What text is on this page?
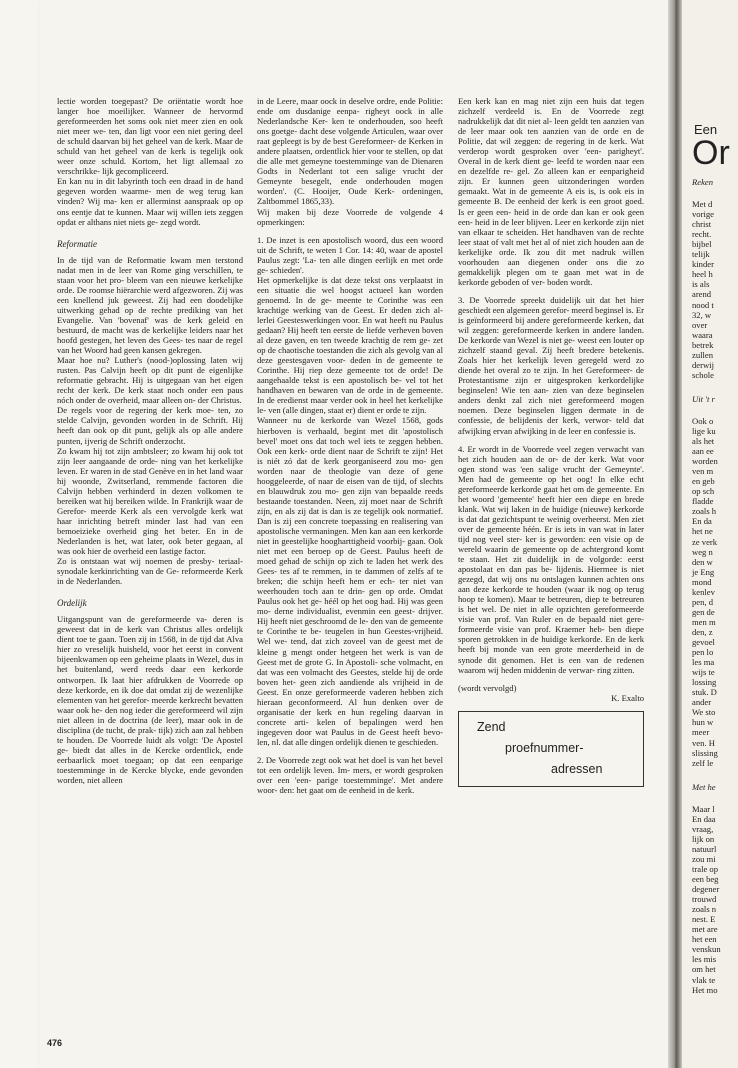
lectie worden toegepast? De oriëntatie wordt hoe langer hoe moeilijker. Wanneer de hervormd gereformeerden het soms ook niet meer zien en ook niet meer we- ten, dan ligt voor een niet gering deel de schuld daarvan bij het geheel van de kerk. Maar de schuld van het geheel van de kerk is tegelijk ook weer onze schuld. Kortom, het ligt allemaal zo verschrikke- lijk gecompliceerd.

En kan nu in dit labyrinth toch een draad in de hand gegeven worden waarme- men de weg terug kan vinden? Wij ma- ken er allerminst aanspraak op op ons eentje dat te kunnen. Maar wij willen iets zeggen opdat er althans niet niets ge- zegd wordt.

Reformatie

In de tijd van de Reformatie kwam men terstond nadat men in de leer van Rome ging verschillen, te staan voor het pro- bleem van een nieuwe kerkelijke orde. De roomse hiërarchie werd afgezworen. Zij was een knellend juk geweest. Zij had een doodelijke uitwerking gehad op de rechte prediking van het Evangelie. Van 'bovenaf' was de kerk geleid en bestuurd, de macht was de kerkelijke leiders naar het hoofd gestegen, het leven des Gees- tes naar de regel van het Woord had geen kansen gekregen.

Maar hoe nu? Luther's (nood-)oplossing laten wij rusten. Pas Calvijn heeft op dit punt de eigenlijke reformatie gebracht. Hij is uitgegaan van het eigen recht der kerk. De kerk staat noch onder een paus nóch onder de overheid, maar alleen on- der Christus.

De regels voor de regering der kerk moe- ten, zo stelde Calvijn, gevonden worden in de Schrift. Hij heeft dan ook op dit punt, gelijk als op alle andere punten, ijverig de Schrift onderzocht.

Zo kwam hij tot zijn ambtsleer; zo kwam hij ook tot zijn leer aangaande de orde- ning van het kerkelijke leven. Er waren in de stad Genève en in het land waar hij woonde, Zwitserland, remmende factoren die Calvijn hebben verhinderd in dezen volkomen te bereiken wat hij bereiken wilde. In Frankrijk waar de Gerefor- meerde Kerk als een vervolgde kerk wat haar inrichting betreft minder last had van een bemoeizieke overheid ging het beter. En in de Nederlanden is het, wat later, ook beter gegaan, al was ook hier de overheid een lastige factor.

Zo is ontstaan wat wij noemen de presby- teriaal-synodale kerkinrichting van de Ge- reformeerde Kerk in de Nederlanden.

Ordelijk

Uitgangspunt van de gereformeerde va- deren is geweest dat in de kerk van Christus alles ordelijk dient toe te gaan. Toen zij in 1568, in de tijd dat Alva hier zo vreselijk huisheld, voor het eerst in convent bijeenkwamen op een geheime plaats in Wezel, dus in het buitenland, werd reeds daar een kerkorde ontworpen. Ik laat hier afdrukken de Voorrede op deze kerkorde, en ik doe dat omdat zij de wezenlijke elementen van het gerefor- meerde kerkrecht bevatten waar ook he- den nog ieder die gereformeerd wil zijn niet alleen in de doctrina (de leer), maar ook in de disciplina (de tucht, de prak- tijk) zich aan zal hebben te houden. De Voorrede luidt als volgt: 'De Apostel ge- biedt dat alles in de Kercke ordentlick, ende eerbaarlick moet toegaan; op dat een eenparige toestemminge in de Kercke blycke, ende gevonden worden, niet alleen

in de Leere, maar oock in deselve ordre, ende Politie: ende om dusdanige eenpa- righeyt oock in alle Nederlandsche Ker- ken te onderhouden, soo heeft ons goetge- dacht dese volgende Articulen, waar over raat gepleegt is by de best Gereformeer- de Kerken in andere plaatsen, ordentlick hier voor te stellen, op dat die alle met gemeyne toestemminge van de Dienaren Godts in Nederlant tot een salige vrucht der Gemeynte besegelt, ende onderhouden mogen worden'. (C. Hooijer, Oude Kerk- ordeningen, Zaltbommel 1865,33).

Wij maken bij deze Voorrede de volgende 4 opmerkingen:

1. De inzet is een apostolisch woord, dus een woord uit de Schrift, te weten 1 Cor. 14: 40, waar de apostel Paulus zegt: 'La- ten alle dingen eerlijk en met orde ge- schieden'.

Het opmerkelijke is dat deze tekst ons verplaatst in een situatie die wel hoogst actueel kan worden genoemd. In de ge- meente te Corinthe was een krachtige werking van de Geest. Er deden zich al- lerlei Geesteswerkingen voor. En wat heeft nu Paulus gedaan? Hij heeft ten eerste de liefde verheven boven al deze gaven, en ten tweede krachtig de rem ge- zet op de chaotische toestanden die zich als gevolg van al deze geestesgaven voor- deden in de gemeente te Corinthe. Hij riep deze gemeente tot de orde! De aangehaalde tekst is een apostolisch be- vel tot het handhaven en bewaren van de orde in de gemeente. In de eredienst maar verder ook in heel het kerkelijke le- ven (alle dingen, staat er) dient er orde te zijn.

Wanneer nu de kerkorde van Wezel 1568, gods hierboven is verhaald, begint met dit 'apostolisch bevel' moet ons dat toch wel iets te zeggen hebben. Ook een kerk- orde dient naar de Schrift te zijn! Het is niét zó dat de kerk georganiseerd zou mo- gen worden naar de theologie van deze of gene hooggeleerde, of naar de eisen van de tijd, of slechts en blauwdruk zou mo- gen zijn van bepaalde reeds bestaande toestanden. Neen, zij moet naar de Schrift zijn, en als zij dat is dan is ze tegelijk ook normatief. Dan is zij een concrete toepassing en realisering van apostolische vermaningen. Men kan aan een kerkorde niet in geestelijke hoogharttigheid voorbij- gaan. Ook niet met een beroep op de Geest. Paulus heeft de moed gehad de schijn op zich te laden het werk des Gees- tes af te remmen, in te dammen of zelfs af te breken; die schijn heeft hem er ech- ter niet van weerhouden toch aan te drin- gen op orde. Omdat Paulus ook het ge- héél op het oog had. Hij was geen mo- derne individualist, evenmin een geest- drijver. Hij heeft niet geschroomd de le- den van de gemeente te Corinthe te be- teugelen in hun Geestes-vrijheid. Wel we- tend, dat zich zoveel van de geest met de kleine g mengt onder hetgeen het werk is van de Geest met de grote G. In Apostoli- sche volmacht, en dat was een volmacht des Geestes, stelde hij de orde boven het- geen zich aandiende als vrijheid in de Geest. En onze gereformeerde vaderen hebben zich hieraan geconformeerd. Al hun denken over de organisatie der kerk en hun regeling daarvan in concrete arti- kelen of bepalingen werd hen ingegeven door wat Paulus in de Geest heeft bevo- len, nl. dat alle dingen ordelijk dienen te geschieden.

2. De Voorrede zegt ook wat het doel is van het bevel tot een ordelijk leven. Im- mers, er wordt gesproken over een 'een- parige toestemminge'. Met andere woor- den: het gaat om de eenheid in de kerk.

Een kerk kan en mag niet zijn een huis dat tegen zichzelf verdeeld is. En de Voorrede zegt nadrukkelijk dat dit niet al- leen geldt ten aanzien van de leer maar ook ten aanzien van de orde en de Politie, dat wil zeggen: de regering in de kerk. Wat verderop wordt gesproken over 'een- parigheyt'. Overal in de kerk dient ge- leefd te worden naar een en dezelfde re- gel. Zo alleen kan er eenparigheid zijn. Er kunnen geen uitzonderingen worden gemaakt. Wat in de gemeente A eis is, is ook eis in gemeente B. De eenheid der kerk is een groot goed. Is er geen een- heid in de orde dan kan er ook geen een- heid in de leer blijven. Leer en kerkorde zijn niet van elkaar te scheiden. Het handhaven van de rechte leer staat of valt met het al of niet zich houden aan de kerkelijke orde. Ik zou dit met nadruk willen voorhouden aan diegenen onder ons die zo gemakkelijk plegen om te gaan met wat in de kerkorde geboden of ver- boden wordt.

3. De Voorrede spreekt duidelijk uit dat het hier geschiedt een algemeen gerefor- meerd beginsel is. Er is geïnformeerd bij andere gereformeerde kerken, dat wil zeggen: gereformeerde kerken in andere landen. De kerkorde van Wezel is niet ge- weest een louter op zichzelf staand geval. Zij heeft bredere betekenis. Zoals hier het kerkelijk leven geregeld werd zo diende het overal zo te zijn. In het Gereformeer- de Protestantisme zijn er uitgesproken kerkordelijke beginselen! Wie ten aan- zien van deze beginselen anders denkt zal zich niet gereformeerd mogen noemen. Deze beginselen liggen dermate in de confessie, de belijdenis der kerk, verwor- teld dat afwijking ervan afwijking in de leer en confessie is.

4. Er wordt in de Voorrede veel zegen verwacht van het zich houden aan de or- de der kerk. Wat voor ogen stond was 'een salige vrucht der Gemeynte'. Men had de gemeente op het oog! In elke echt gereformeerde kerkorde gaat het om de gemeente. En het woord 'gemeente' heeft hier een diepe en brede klank. Wat wij laken in de huidige (nieuwe) kerkorde is dat dat gezichtspunt te weinig overheerst. Men ziet over de gemeente héén. Er is iets in van wat in later tijd nog veel ster- ker is geworden: een visie op de wereld waarin de gemeente op de achtergrond komt te staan. Het zit duidelijk in de volgorde: eerst apostolaat en dan pas be- lijdenis. Hiermee is niet gezegd, dat wij ons nu ontslagen kunnen achten ons aan deze kerkorde te houden (waar ik nog op terug hoop te komen). Maar te betreuren, diep te betreuren is het wel. De niet in alle opzichten gereformeerde visie van prof. Van Ruler en de bepaald niet gere- formeerde visie van prof. Kraemer heb- ben diepe sporen getrokken in de huidige kerkorde. En de kerk heeft bij monde van een grote meerderheid in de synode dit genomen. Het is een van de redenen waarom wij heden middenin de verwar- ring zitten.

(wordt vervolgd)

K. Exalto

Zend
proefnummer-
adressen
476
Een
Or
Reken
Met d
vorige
christ
recht.
bijbel
telijk
kinder
heel h
is als
arend
nood t
32, w
over
waara
betrek
zullen
derwij
schole
Uit 't r
Ook o
lige ku
als het
aan ee
worden
ven m
en geb
op sch
fladde
zoals h
En da
het ne
ze verk
weg n
den w
je Eng
mond
kenlev
pen, d
gen de
men m
den, z
gevoel
pen lo
les ma
wijs te
lossing
stuk. D
ander
We sto
hun w
meer
ven. H
slissing
zelf le
Met he
Maar l
En daa
vraag,
lijk on
natuurl
zou mi
trale op
een beg
degener
trouwd
zoals n
nest. E
met are
het een
venskun
les mis
om het
vlak te
Het mo
